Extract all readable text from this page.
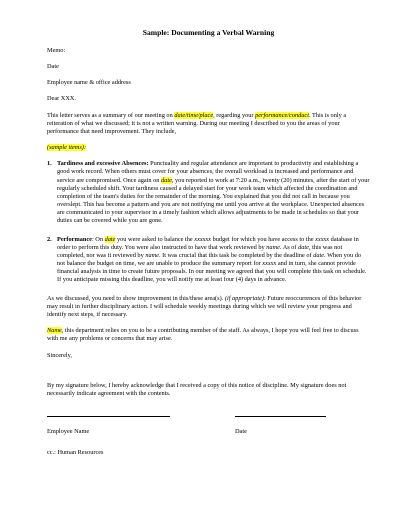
Sample: Documenting a Verbal Warning

Memo:

Date

Employee name & office address

Dear XXX.

This letter serves as a summary of our meeting on date/time/place, regarding your performance/conduct. This is only a reiteration of what we discussed; it is not a written warning. During our meeting I described to you the areas of your performance that need improvement. They include,

(sample items):

1. Tardiness and excessive Absences: Punctuality and regular attendance are important to productivity and establishing a good work record. When others must cover for your absences, the overall workload is increased and performance and service are compromised. Once again on date, you reported to work at 7:20 a.m., twenty (20) minutes, after the start of your regularly scheduled shift. Your tardiness caused a delayed start for your work team which affected the coordination and completion of the team's duties for the remainder of the morning. You explained that you did not call in because you overslept. This has become a pattern and you are not notifying me until you arrive at the workplace. Unexpected absences are communicated to your supervisor in a timely fashion which allows adjustments to be made in schedules so that your duties can be covered while you are gone.

2. Performance: On date you were asked to balance the xxxxxx budget for which you have access to the xxxxx database in order to perform this duty. You were also instructed to have that work reviewed by name. As of date, this was not completed, nor was it reviewed by name. It was crucial that this task be completed by the deadline of date. When you do not balance the budget on time, we are unable to produce the summary report for xxxxx and in turn, she cannot provide financial analysis in time to create future proposals. In our meeting we agreed that you will complete this task on schedule. If you anticipate missing this deadline, you will notify me at least four (4) days in advance.

As we discussed, you need to show improvement in this/these area(s). (if appropriate): Future reoccurrences of this behavior may result in further disciplinary action. I will schedule weekly meetings during which we will review your progress and identify next steps, if necessary.

Name, this department relies on you to be a contributing member of the staff. As always, I hope you will feel free to discuss with me any problems or concerns that may arise.

Sincerely,

By my signature below, I hereby acknowledge that I received a copy of this notice of discipline. My signature does not necessarily indicate agreement with the contents.

Employee Name	Date

cc.: Human Resources
